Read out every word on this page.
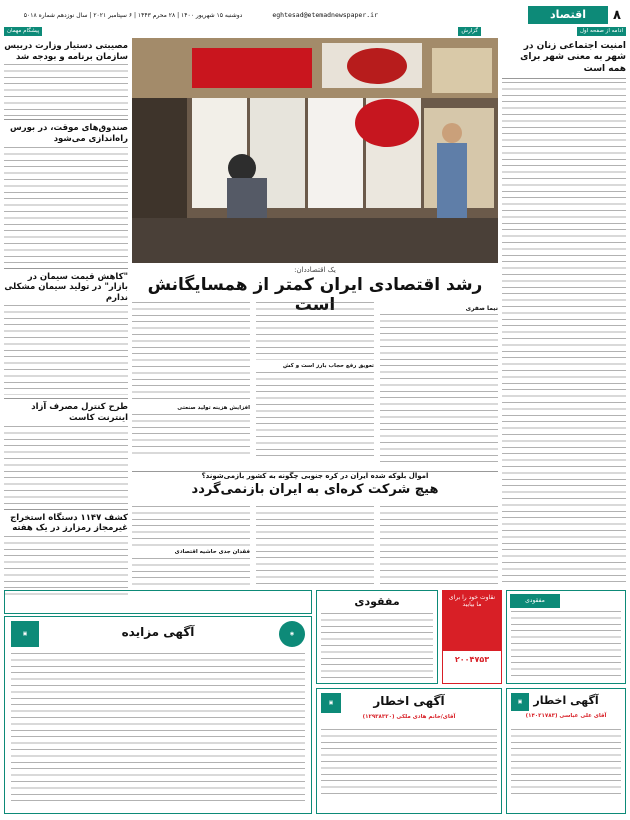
۸
اقتصاد
eghtesad@etemadnewspaper.ir
دوشنبه ۱۵ شهریور ۱۴۰۰ | ۲۸ محرم ۱۴۴۳ | ۶ سپتامبر ۲۰۲۱ | سال نوزدهم شماره ۵۰۱۸
ادامه از صفحه اول
گزارش
پیشگام مهمان
امنیت اجتماعی زنان در شهر به معنی شهر برای همه است
مصیبتی دستیار وزارت دربیس سازمان برنامه و بودجه شد
صندوق‌های موقت، در بورس راه‌اندازی می‌شود
"کاهش قیمت سیمان در بازار" در تولید سیمان مشکلی ندارم
طرح کنترل مصرف آزاد اینترنت کاست
کشف ۱۱۴۷ دستگاه استخراج غیرمجاز رمزارز در یک هفته
یک اقتصاددان:
رشد اقتصادی ایران کمتر از همسایگانش است	نیما صفری
تعویق رفع حجاب بارز است و کش
افزایش هزینه تولید صنعتی
اموال بلوکه شده ایران در کره جنوبی چگونه به کشور بازمی‌شوند؟
هیچ شرکت کره‌ای به ایران بازنمی‌گردد
فقدان جدی حاشیه اقتصادی
◉
آگهی مزایده
▣
مفقودی	نقاوت خود را برای ما بیابید
۲۰۰۴۷۵۳
▣	آگهی اخطار
آقای/خانم هادی ملکی (۱۲۹۳۸۳۲۰)
▣ آگهی اخطار
آقای علی عباسی (۱۴۰۲۱۷۸۳)
مفقودی
